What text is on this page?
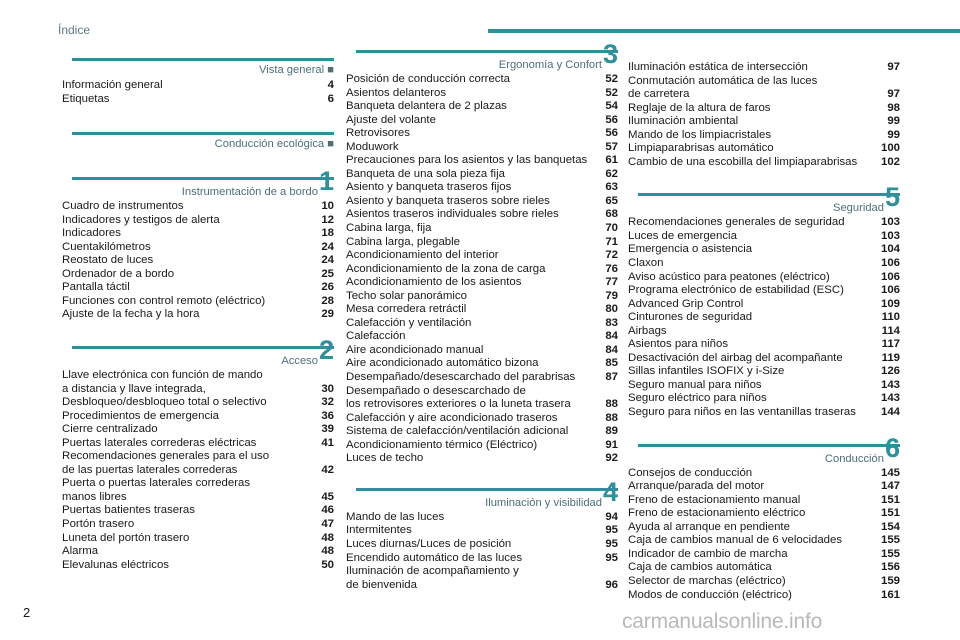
Índice
Vista general ■
Información general	4
Etiquetas	6
Conducción ecológica ■
Instrumentación de a bordo 1
Cuadro de instrumentos	10
Indicadores y testigos de alerta	12
Indicadores	18
Cuentakilómetros	24
Reostato de luces	24
Ordenador de a bordo	25
Pantalla táctil	26
Funciones con control remoto (eléctrico)	28
Ajuste de la fecha y la hora	29
Acceso 2
Llave electrónica con función de mando
a distancia y llave integrada,	30
Desbloqueo/desbloqueo total o selectivo	32
Procedimientos de emergencia	36
Cierre centralizado	39
Puertas laterales correderas eléctricas	41
Recomendaciones generales para el uso
de las puertas laterales correderas	42
Puerta o puertas laterales correderas
manos libres	45
Puertas batientes traseras	46
Portón trasero	47
Luneta del portón trasero	48
Alarma	48
Elevalunas eléctricos	50
Ergonomía y Confort 3
Posición de conducción correcta	52
Asientos delanteros	52
Banqueta delantera de 2 plazas	54
Ajuste del volante	56
Retrovisores	56
Moduwork	57
Precauciones para los asientos y las banquetas	61
Banqueta de una sola pieza fija	62
Asiento y banqueta traseros fijos	63
Asiento y banqueta traseros sobre rieles	65
Asientos traseros individuales sobre rieles	68
Cabina larga, fija	70
Cabina larga, plegable	71
Acondicionamiento del interior	72
Acondicionamiento de la zona de carga	76
Acondicionamiento de los asientos	77
Techo solar panorámico	79
Mesa corredera retráctil	80
Calefacción y ventilación	83
Calefacción	84
Aire acondicionado manual	84
Aire acondicionado automático bizona	85
Desempañado/desescarchado del parabrisas	87
Desempañado o desescarchado de
los retrovisores exteriores o la luneta trasera	88
Calefacción y aire acondicionado traseros	88
Sistema de calefacción/ventilación adicional	89
Acondicionamiento térmico (Eléctrico)	91
Luces de techo	92
Iluminación y visibilidad 4
Mando de las luces	94
Intermitentes	95
Luces diurnas/Luces de posición	95
Encendido automático de las luces	95
Iluminación de acompañamiento y
de bienvenida	96
Iluminación estática de intersección	97
Conmutación automática de las luces
de carretera	97
Reglaje de la altura de faros	98
Iluminación ambiental	99
Mando de los limpiacristales	99
Limpiaparabrisas automático	100
Cambio de una escobilla del limpiaparabrisas	102
Seguridad 5
Recomendaciones generales de seguridad	103
Luces de emergencia	103
Emergencia o asistencia	104
Claxon	106
Aviso acústico para peatones (eléctrico)	106
Programa electrónico de estabilidad (ESC)	106
Advanced Grip Control	109
Cinturones de seguridad	110
Airbags	114
Asientos para niños	117
Desactivación del airbag del acompañante	119
Sillas infantiles ISOFIX y i-Size	126
Seguro manual para niños	143
Seguro eléctrico para niños	143
Seguro para niños en las ventanillas traseras	144
Conducción 6
Consejos de conducción	145
Arranque/parada del motor	147
Freno de estacionamiento manual	151
Freno de estacionamiento eléctrico	151
Ayuda al arranque en pendiente	154
Caja de cambios manual de 6 velocidades	155
Indicador de cambio de marcha	155
Caja de cambios automática	156
Selector de marchas (eléctrico)	159
Modos de conducción (eléctrico)	161
2	carmanualsonline.info
